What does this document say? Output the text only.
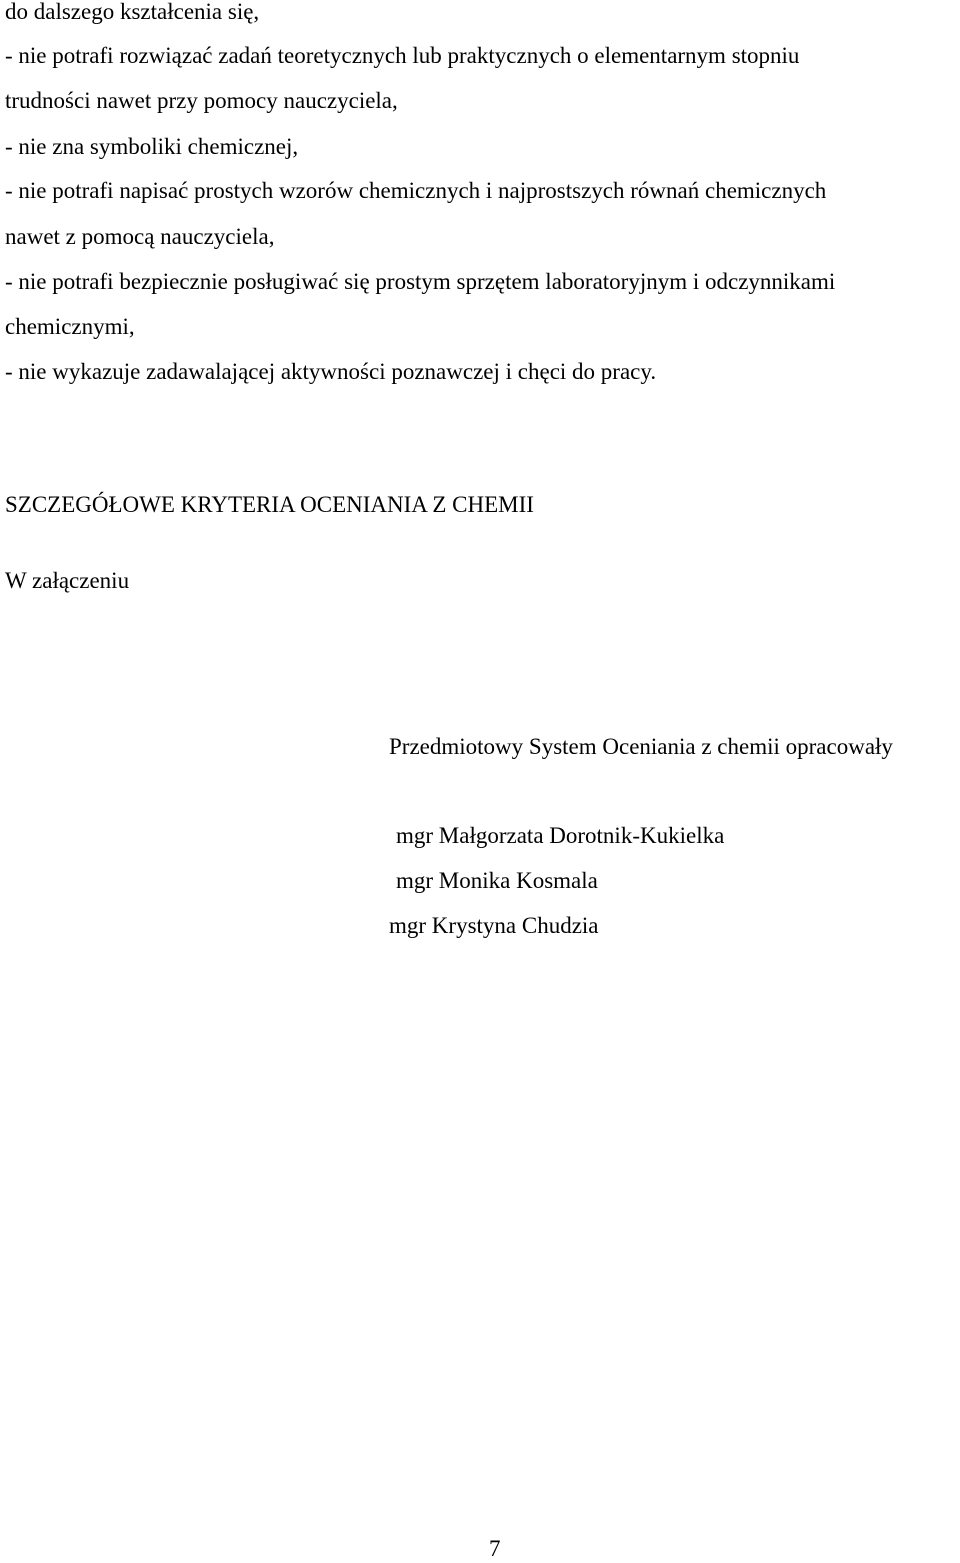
do dalszego kształcenia się,
- nie potrafi rozwiązać zadań teoretycznych lub praktycznych o elementarnym stopniu
trudności nawet przy pomocy nauczyciela,
- nie zna symboliki chemicznej,
- nie potrafi napisać prostych wzorów chemicznych i najprostszych równań chemicznych
nawet z pomocą nauczyciela,
- nie potrafi bezpiecznie posługiwać się prostym sprzętem laboratoryjnym i odczynnikami
chemicznymi,
- nie wykazuje zadawalającej aktywności poznawczej i chęci do pracy.
SZCZEGÓŁOWE KRYTERIA OCENIANIA Z CHEMII
W załączeniu
Przedmiotowy System Oceniania z chemii opracowały
mgr Małgorzata Dorotnik-Kukielka
mgr Monika Kosmala
mgr Krystyna Chudzia
7
